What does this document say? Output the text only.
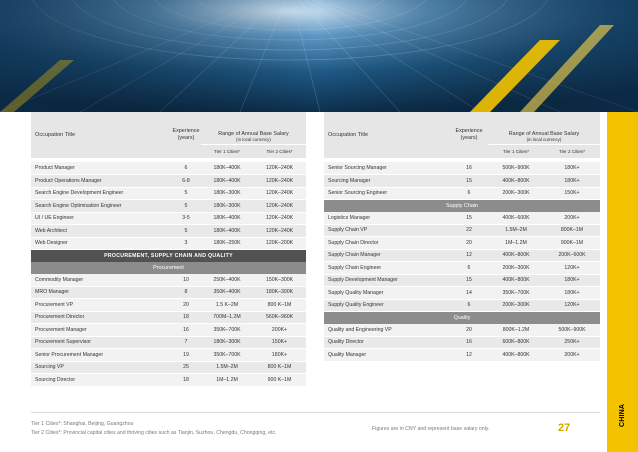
CHINA
Occupation Title	Experience (years)	Range of Annual Base Salary
(in local currency)	

		Tier 1 Cities*	Tier 2 Cities*

Product Manager	6	180K–400K	120K–240K
Product Operations Manager	6-8	180K–400K	120K–240K
Search Engine Development Engineer	5	180K–300K	120K–240K
Search Engine Optimisation Engineer	5	180K–300K	120K–240K
UI / UE Engineer	3-5	180K–400K	120K–240K
Web Architect	5	180K–400K	120K–240K
Web Designer	3	180K–250K	120K–200K
PROCUREMENT, SUPPLY CHAIN AND QUALITY			
Procurement			
Commodity Manager	10	250K–400K	150K–300K
MRO Manager	8	350K–400K	180K–300K
Procurement VP	20	1.5 K–2M	800 K–1M
Procurement Director	18	700M–1.2M	560K–960K
Procurement Manager	16	350K–700K	200K+
Procurement Supervisor	7	180K–300K	150K+
Senior Procurement Manager	19	350K–700K	180K+
Sourcing VP	25	1.5M–2M	800 K–1M
Sourcing Director	18	1M–1.2M	900 K–1M
Occupation Title	Experience (years)	Range of Annual Base Salary
(in local currency)	

		Tier 1 Cities*	Tier 2 Cities*

Senior Sourcing Manager	16	500K–900K	180K+
Sourcing Manager	15	400K–800K	180K+
Senior Sourcing Engineer	6	200K–300K	150K+
Supply Chain			
Logistics Manager	15	400K–600K	200K+
Supply Chain VP	22	1.5M–2M	800K–1M
Supply Chain Director	20	1M–1.2M	900K–1M
Supply Chain Manager	12	400K–800K	200K–600K
Supply Chain Engineer	6	200K–300K	120K+
Supply Development Manager	15	400K–800K	180K+
Supply Quality Manager	14	350K–700K	180K+
Supply Quality Engineer	6	200K–300K	120K+
Quality			
Quality and Engineering VP	20	800K–1.2M	500K–900K
Quality Director	16	600K–800K	250K+
Quality Manager	12	400K–800K	200K+
Tier 1 Cities*: Shanghai, Beijing, Guangzhou
Tier 2 Cities*: Provincial capital cities and thriving cities such as Tianjin, Suzhou, Chengdu, Chongqing, etc.
Figures are in CNY and represent base salary only.	27
